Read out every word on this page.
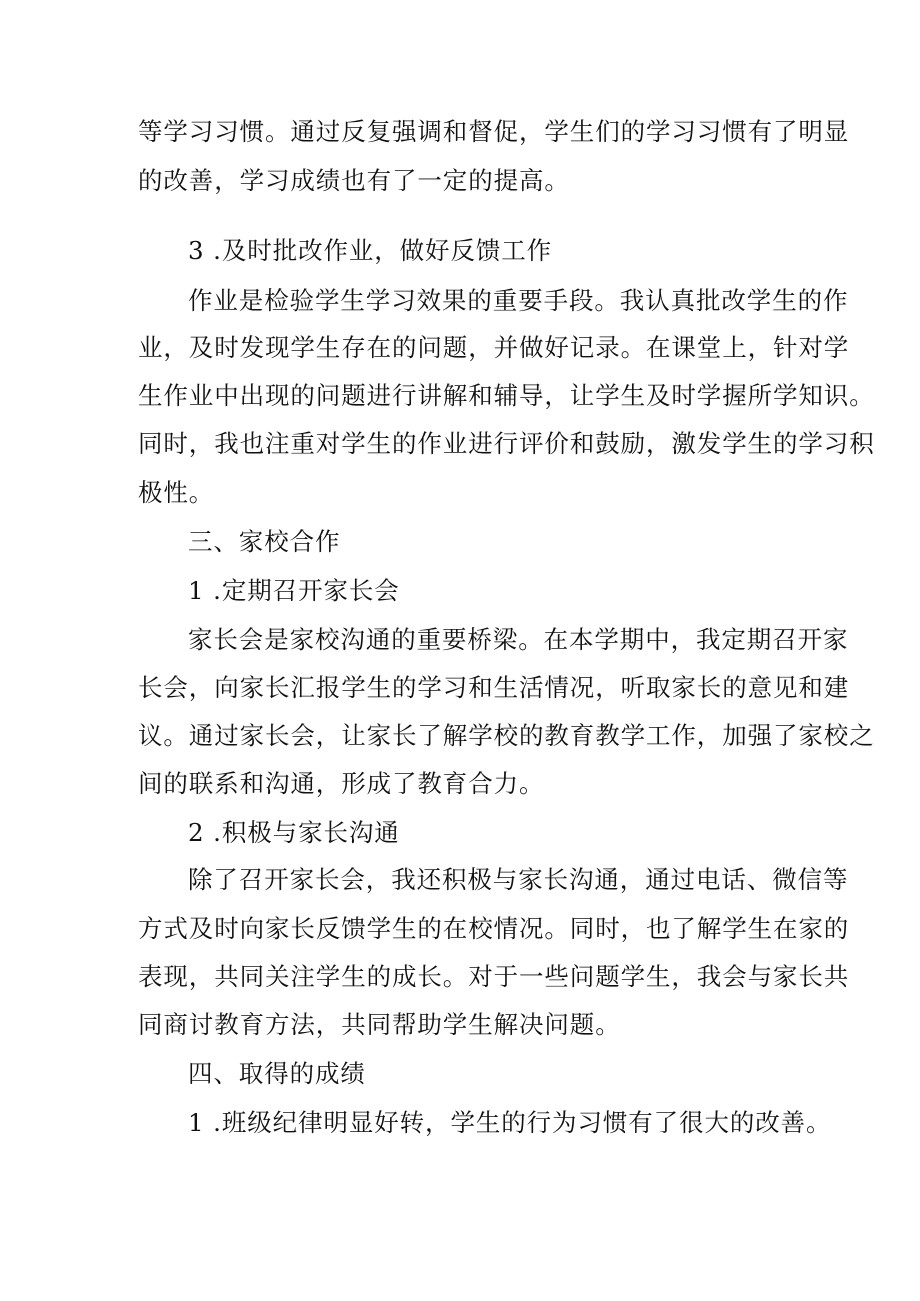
等学习习惯。通过反复强调和督促，学生们的学习习惯有了明显
的改善，学习成绩也有了一定的提高。
3 .及时批改作业，做好反馈工作
作业是检验学生学习效果的重要手段。我认真批改学生的作
业，及时发现学生存在的问题，并做好记录。在课堂上，针对学
生作业中出现的问题进行讲解和辅导，让学生及时学握所学知识。
同时，我也注重对学生的作业进行评价和鼓励，激发学生的学习积
极性。
三、家校合作
1 .定期召开家长会
家长会是家校沟通的重要桥梁。在本学期中，我定期召开家
长会，向家长汇报学生的学习和生活情况，听取家长的意见和建
议。通过家长会，让家长了解学校的教育教学工作，加强了家校之
间的联系和沟通，形成了教育合力。
2 .积极与家长沟通
除了召开家长会，我还积极与家长沟通，通过电话、微信等
方式及时向家长反馈学生的在校情况。同时，也了解学生在家的
表现，共同关注学生的成长。对于一些问题学生，我会与家长共
同商讨教育方法，共同帮助学生解决问题。
四、取得的成绩
1 .班级纪律明显好转，学生的行为习惯有了很大的改善。
